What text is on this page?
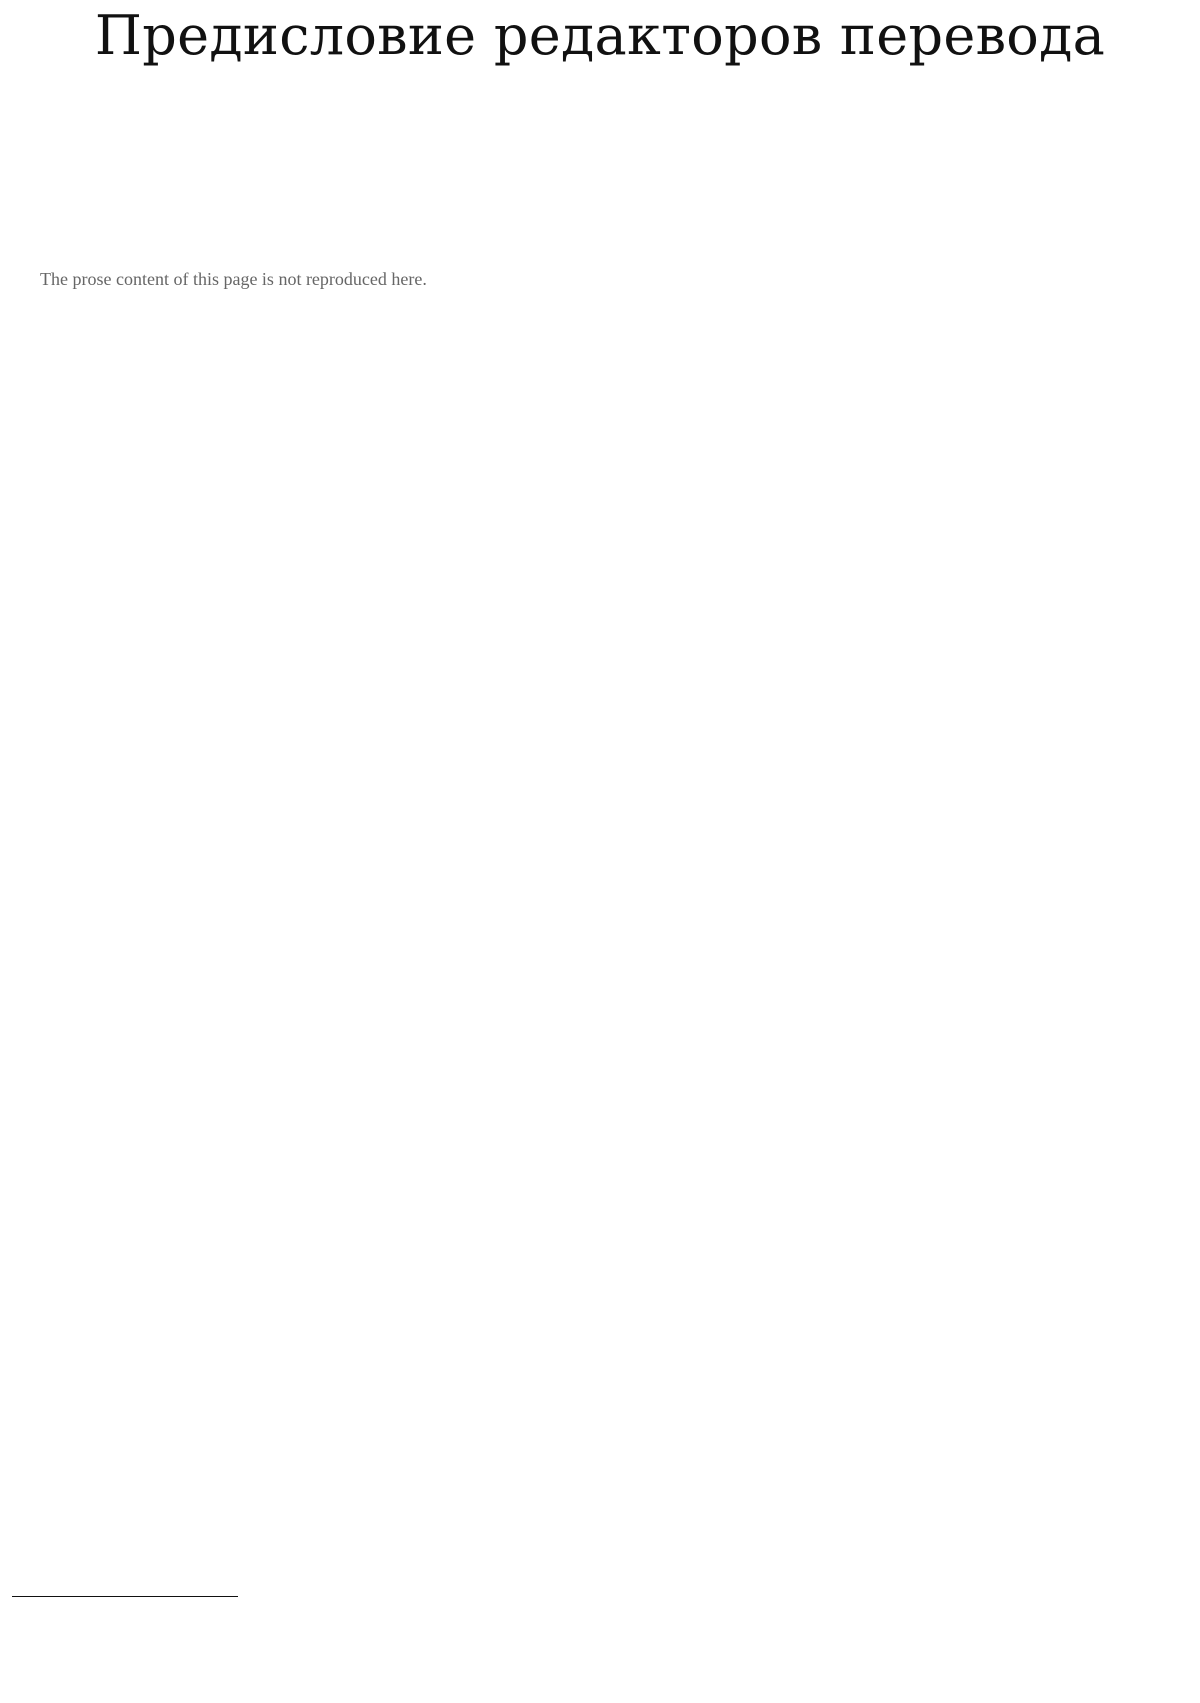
Предисловие редакторов перевода

The prose content of this page is not reproduced here.
